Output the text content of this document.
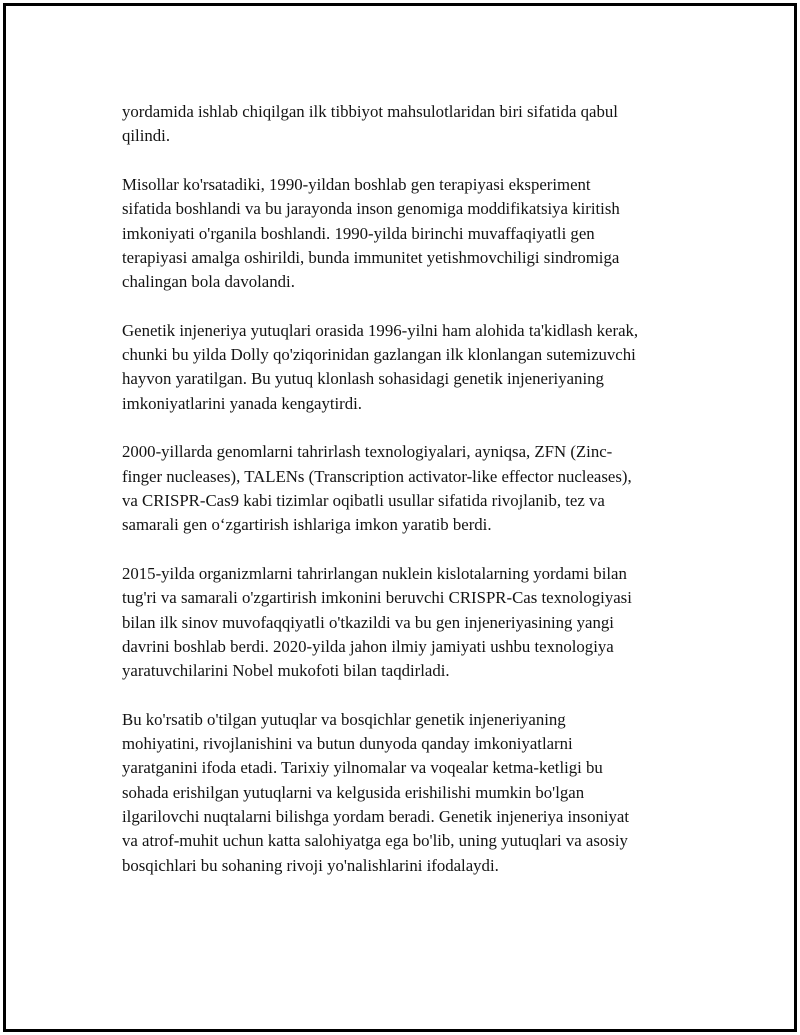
yordamida ishlab chiqilgan ilk tibbiyot mahsulotlaridan biri sifatida qabul
qilindi.

Misollar ko'rsatadiki, 1990-yildan boshlab gen terapiyasi eksperiment
sifatida boshlandi va bu jarayonda inson genomiga moddifikatsiya kiritish
imkoniyati o'rganila boshlandi. 1990-yilda birinchi muvaffaqiyatli gen
terapiyasi amalga oshirildi, bunda immunitet yetishmovchiligi sindromiga
chalingan bola davolandi.

Genetik injeneriya yutuqlari orasida 1996-yilni ham alohida ta'kidlash kerak,
chunki bu yilda Dolly qo'ziqorinidan gazlangan ilk klonlangan sutemizuvchi
hayvon yaratilgan. Bu yutuq klonlash sohasidagi genetik injeneriyaning
imkoniyatlarini yanada kengaytirdi.

2000-yillarda genomlarni tahrirlash texnologiyalari, ayniqsa, ZFN (Zinc-
finger nucleases), TALENs (Transcription activator-like effector nucleases),
va CRISPR-Cas9 kabi tizimlar oqibatli usullar sifatida rivojlanib, tez va
samarali gen o‘zgartirish ishlariga imkon yaratib berdi.

2015-yilda organizmlarni tahrirlangan nuklein kislotalarning yordami bilan
tug'ri va samarali o'zgartirish imkonini beruvchi CRISPR-Cas texnologiyasi
bilan ilk sinov muvofaqqiyatli o'tkazildi va bu gen injeneriyasining yangi
davrini boshlab berdi. 2020-yilda jahon ilmiy jamiyati ushbu texnologiya
yaratuvchilarini Nobel mukofoti bilan taqdirladi.

Bu ko'rsatib o'tilgan yutuqlar va bosqichlar genetik injeneriyaning
mohiyatini, rivojlanishini va butun dunyoda qanday imkoniyatlarni
yaratganini ifoda etadi. Tarixiy yilnomalar va voqealar ketma-ketligi bu
sohada erishilgan yutuqlarni va kelgusida erishilishi mumkin bo'lgan
ilgarilovchi nuqtalarni bilishga yordam beradi. Genetik injeneriya insoniyat
va atrof-muhit uchun katta salohiyatga ega bo'lib, uning yutuqlari va asosiy
bosqichlari bu sohaning rivoji yo'nalishlarini ifodalaydi.
